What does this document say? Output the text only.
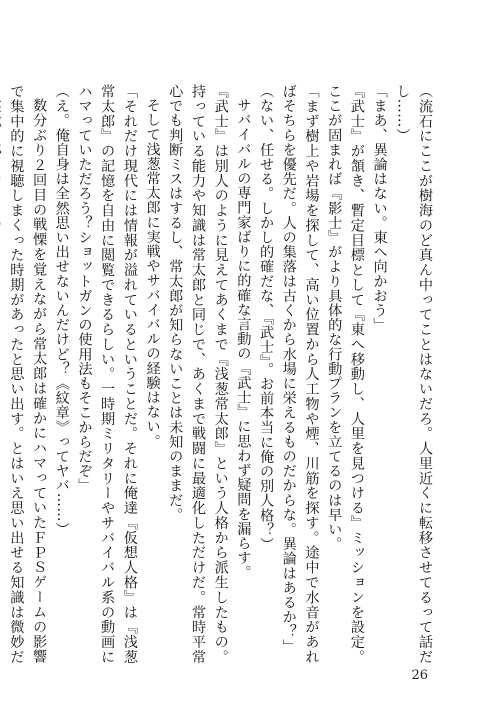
（流石にここが樹海のど真ん中ってことはないだろ。人里近くに転移させてるって話だし……）

「まあ、異論はない。東へ向かおう」

『武士』が頷き、暫定目標として『東へ移動し、人里を見つける』ミッションを設定。ここが固まれば『影士』がより具体的な行動プランを立てるのは早い。

「まず樹上や岩場を探して、高い位置から人工物や煙、川筋を探す。途中で水音があればそちらを優先だ。人の集落は古くから水場に栄えるものだからな。異論はあるか？」

（ない、任せる。しかし的確だな、『武士』。お前本当に俺の別人格？）

サバイバルの専門家ばりに的確な言動の『武士』に思わず疑問を漏らす。

『武士』は別人のように見えてあくまで『浅葱常太郎』という人格から派生したもの。持っている能力や知識は常太郎と同じで、あくまで戦闘に最適化しただけだ。常時平常心でも判断ミスはするし、常太郎が知らないことは未知のままだ。

そして浅葱常太郎に実戦やサバイバルの経験はない。

「それだけ現代には情報が溢れているということだ。それに俺達『仮想人格』は『浅葱常太郎』の記憶を自由に閲覧できるらしい。一時期ミリタリーやサバイバル系の動画にハマっていただろう？ショットガンの使用法もそこからだぞ」

（え。俺自身は全然思い出せないんだけど？《紋章》ってヤバ……）

数分ぶり２回目の戦慄を覚えながら常太郎は確かにハマっていたＦＰＳゲームの影響で集中的に視聴しまくった時期があったと思い出す。とはいえ思い出せる知識は微妙だ

26
